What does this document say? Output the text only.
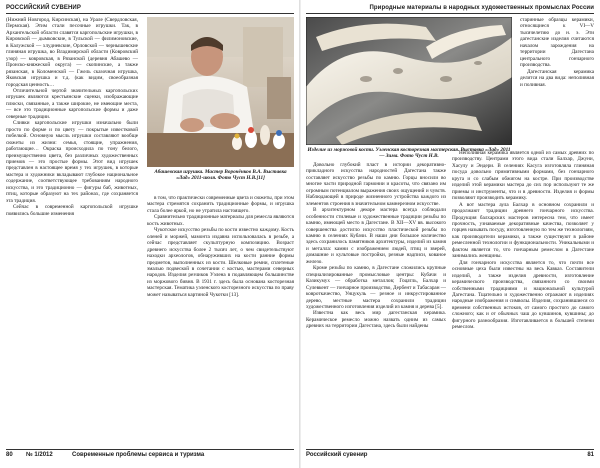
РОССИЙСКИЙ СУВЕНИР

(Нижний Новгород, Кирсинская), на Урале (Свердловская, Пермская). Этим стали песочные игрушки. Так, в Архангельской области славятся каргопольские игрушки, в Кировской — дымковские, в Тульской — филимоновские, в Калужской — хлудневские, Орловской — чернышевские глиняная игрушка, во Владимирской области (Ковровский узор) — ковровская, в Рязанской (деревня Абашево — Пронско-княжеской округа) — скопинские, а также рязанская, в Коломенской — Гжель сказочная игрушка, Яковская игрушка и т.д. (как видим, своеобразная городская ценность…

Отличительной чертой значительных каргопольских игрушек являются крестьянские сценки, изображающие плюски, связанные, а также широкие, не имеющие места, — все это традиционные каргопольские формы и даже северные традиции.

Сливки каргопольские игрушки изначально были просто по форме и по цвету — покрытые известковой побелкой. Основную мысль игрушки составляют вообще сюжеты из жизни: семья, стоящие, упражнения, работающие… Окраска происходила по тону белого, преимущественно цвета, без различных художественных приемов — это простые формы. Этот вид игрушек представлен в настоящее время у тех игрушек, в которые мастера и художники вкладывают глубокое национальное содержание, соответствующее требованиям народного искусства, и это традиционно — фигуры баб, животных, птиц, которые образуют на тех районах, где сохраняется эта традиция.

Сейчас в современной каргопольской игрушке появились большие изменения

Абашевская игрушка. Мастер Воронёнков В.А. Выставка «Лад» 2011-июля. Фото Чуст Н.В.[11]

в том, что практически современные цвета и сюжеты, при этом мастера стремятся сохранить традиционные формы, и игрушка стала более яркой, но не утратила настоящего.

Сравнительно традиционные материалы для ремесла являются кость животных.

Чукотское искусство резьбы по кости известно каждому. Кость оленей и моржей, мамонта издавна использовалась в резьбе, а сейчас представляет скульптурную композицию. Возраст древнего искусства более 2 тысяч лет, о чем свидетельствуют находки археологов, обнаруживших на кости ранние формы предметов, выполненных из кости. Шелковые ремни, сплетеные эмалью подвеской в сочетании с костью, мастерами северных народов. Изделия резчиков Уэлена в подавляющем большинстве из моржового бивня. В 1931 г. здесь была основана косторезная мастерская. Тематика уэленского косторезного искусства по праву может называться картиной Чукотки [13].

80 № 1/2012	Современные проблемы сервиса и туризма
Природные материалы в народных художественных промыслах России
Изделие из моржовой кости. Уэленская косторезная мастерская. Выставка «Лад» 2011 — Зима. Фото Чуст Н.В.

Довольно глубокий пласт в истории декоративно-прикладного искусства народностей Дагестана также составляет искусство резьбы по камню. Горцы вносили во многие части природной гармонии и красоты, что связано им огромным потенциалом выражения своих ощущений и чувств. Наблюдающей в природе жизненного устройства каждого из элементов строения в значительном камнерезном искусстве.

В архитектурном декоре мастера всегда соблюдали особенности стилевые и художественные традиции резьбы по камню, имеющей место в Дагестане. В XII—XV вв. высокого совершенства достигло искусство пластической резьбы по камню в селениях Кубачи. В наши дни большое количество здесь сохранилось памятников архитектуры, изделий из камня и металла: камни с изображением людей, птиц и зверей, домашние и культовые постройки, резные надписи, кованое железо.

Кроме резьбы по камню, в Дагестане сложились крупные специализированные промысловые центры: Кубачи и Казикумух — обработка металлов; Гоцатль, Балхар и Сулевкент — гончарное производство, Дербент и Табасаран — ковроткачество, Унцукуль — резное и инкрустированное дерево, местные мастера сохранили традиции художественного изготовления изделий из камня и дерева [5].

Известна как весь мир дагестанская керамика. Керамическое ремесло можно назвать одним из самых древних на территории Дагестана, здесь были найдены

старинные образцы керамики, относящиеся к VI—V тысячелетию до н. э. Эти дагестанские изделия считаются началом зарождения на территории Дагестана центрального гончарного производства.

Дагестанская керамика делится на два вида: неполивная и поливная.

Неполивная керамика является одной из самых древних по производству. Центрами этого вида стали Балхар, Джуни, Хасулу и Эндери. В селениях Касуга изготовляла глиняная посуда довольно примитивными формами, без гончарного круга и со слабым обжигом на костре. При производстве изделий этой керамики мастера до сих пор используют те же приемы и инструменты, что и в древности. Изделия и формы позволяют производить керамику.

А вот мастера аула Балхар в основном сохранили и продолжают традиции древнего гончарного искусства. Продукция балхарских мастеров интересна тем, что имеет прочность, узнаваемые декоративные качества, позволяет у горцев называть посуду, изготовленную по тем же технологиям, как производители керамики, а также существуют в районе ремесленной технологии и функциональности. Уникальными и фактом является то, что гончарным ремеслом в Дагестане занимались женщины.

Для гончарного искусства является то, что почти все основные цеха были известны на весь Кавказ. Составители изделий, а также изделия древности, изготовление керамического производства, связанного со своими собственными традициями и национальной культурой Дагестана. Тщательно и художественно отражают в изделиях народные изображения и символы. Изделия, сохранившиеся со времени собственных истоков, от самого простого до самого сложного; как и от обычных чаш до кувшинов, кувшины; до фигурного разнообразия. Изготавливается в большей степени ремеслом.

Российский сувенир	81
